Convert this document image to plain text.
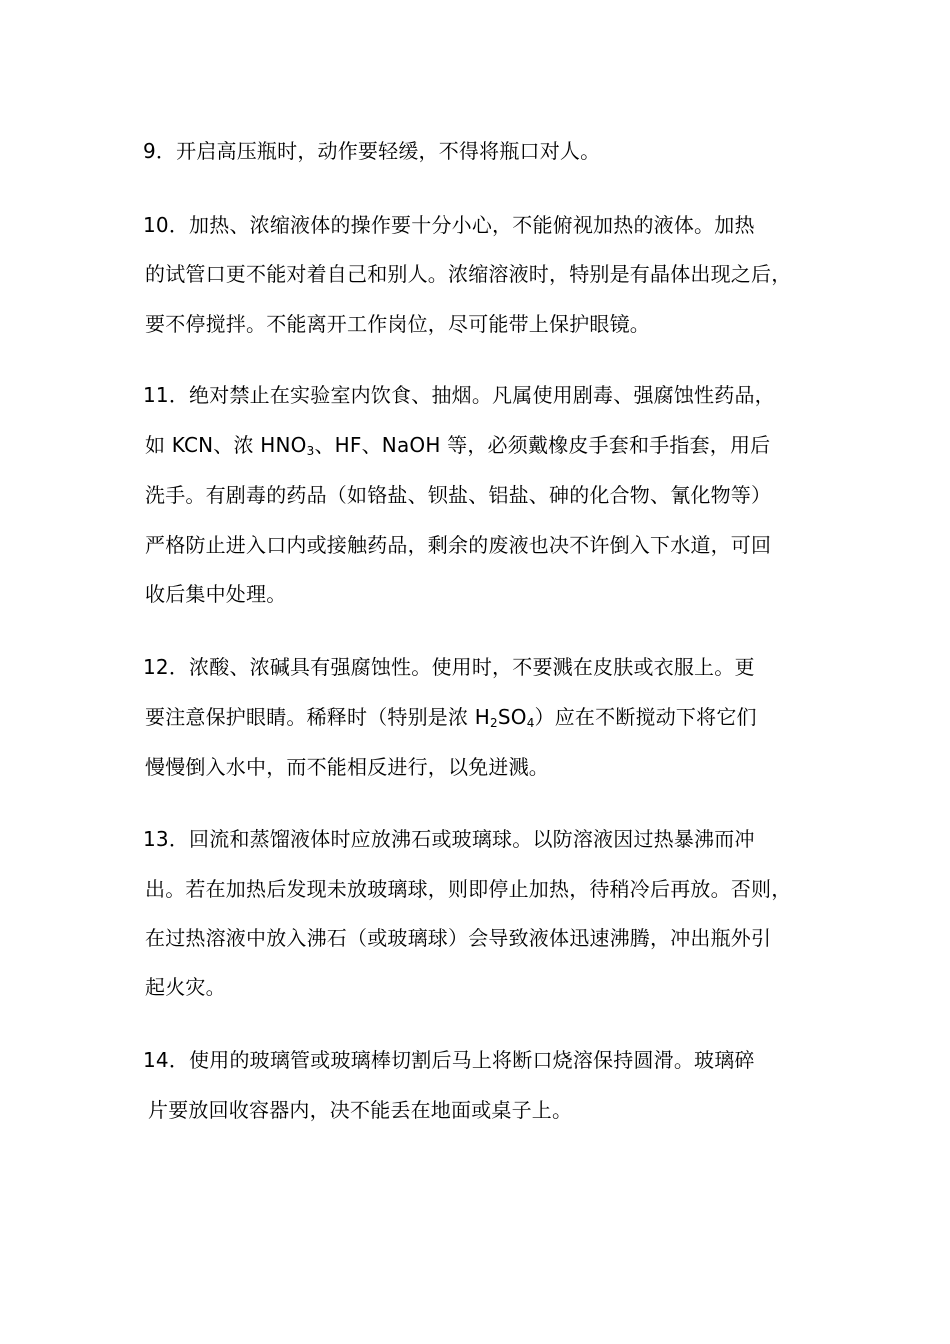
9．开启高压瓶时，动作要轻缓，不得将瓶口对人。

10．加热、浓缩液体的操作要十分小心，不能俯视加热的液体。加热

的试管口更不能对着自己和别人。浓缩溶液时，特别是有晶体出现之后，

要不停搅拌。不能离开工作岗位，尽可能带上保护眼镜。

11．绝对禁止在实验室内饮食、抽烟。凡属使用剧毒、强腐蚀性药品，

如 KCN、浓 $HNO_3$、HF、NaOH 等，必须戴橡皮手套和手指套，用后

洗手。有剧毒的药品（如铬盐、钡盐、铝盐、砷的化合物、氰化物等）

严格防止进入口内或接触药品，剩余的废液也决不许倒入下水道，可回

收后集中处理。

12．浓酸、浓碱具有强腐蚀性。使用时，不要溅在皮肤或衣服上。更

要注意保护眼睛。稀释时（特别是浓 $H_2SO_4$）应在不断搅动下将它们

慢慢倒入水中，而不能相反进行，以免迸溅。

13．回流和蒸馏液体时应放沸石或玻璃球。以防溶液因过热暴沸而冲

出。若在加热后发现未放玻璃球，则即停止加热，待稍冷后再放。否则，

在过热溶液中放入沸石（或玻璃球）会导致液体迅速沸腾，冲出瓶外引

起火灾。

14．使用的玻璃管或玻璃棒切割后马上将断口烧溶保持圆滑。玻璃碎

片要放回收容器内，决不能丢在地面或桌子上。
